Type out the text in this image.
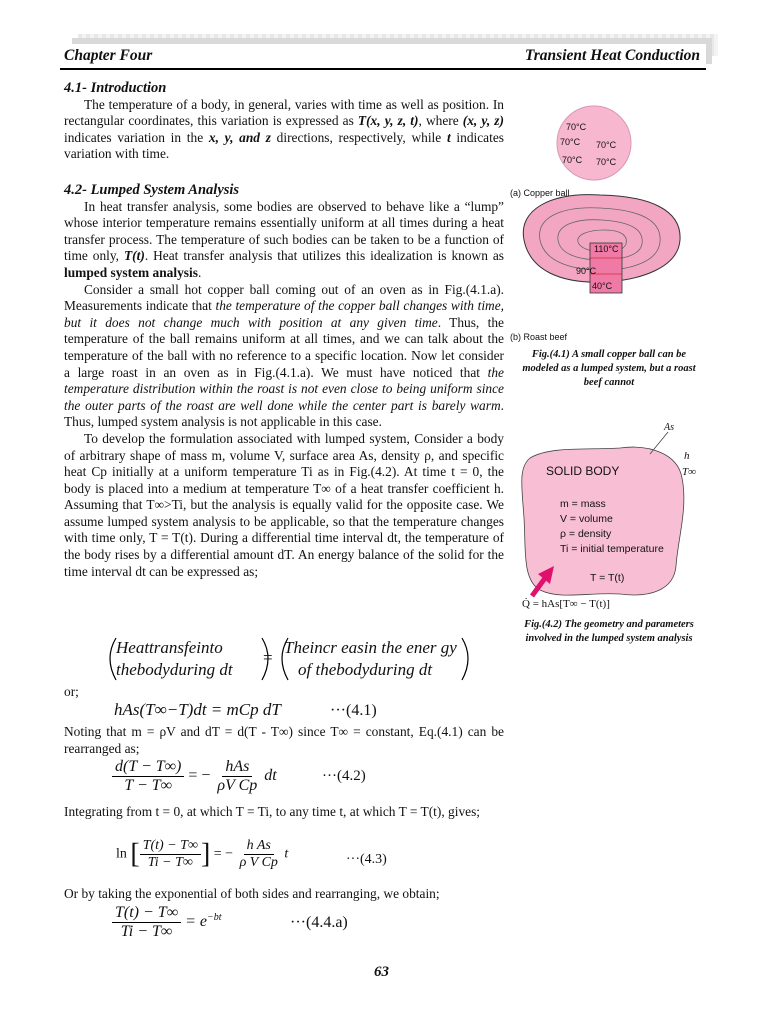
Chapter Four	Transient Heat Conduction
4.1- Introduction

The temperature of a body, in general, varies with time as well as position. In rectangular coordinates, this variation is expressed as T(x, y, z, t), where (x, y, z) indicates variation in the x, y, and z directions, respectively, while t indicates variation with time.

4.2- Lumped System Analysis

In heat transfer analysis, some bodies are observed to behave like a “lump” whose interior temperature remains essentially uniform at all times during a heat transfer process. The temperature of such bodies can be taken to be a function of time only, T(t). Heat transfer analysis that utilizes this idealization is known as lumped system analysis.

Consider a small hot copper ball coming out of an oven as in Fig.(4.1.a). Measurements indicate that the temperature of the copper ball changes with time, but it does not change much with position at any given time. Thus, the temperature of the ball remains uniform at all times, and we can talk about the temperature of the ball with no reference to a specific location. Now let consider a large roast in an oven as in Fig.(4.1.a). We must have noticed that the temperature distribution within the roast is not even close to being uniform since the outer parts of the roast are well done while the center part is barely warm. Thus, lumped system analysis is not applicable in this case.

To develop the formulation associated with lumped system, Consider a body of arbitrary shape of mass m, volume V, surface area As, density ρ, and specific heat Cp initially at a uniform temperature Ti as in Fig.(4.2). At time t = 0, the body is placed into a medium at temperature T∞ of a heat transfer coefficient h. Assuming that T∞>Ti, but the analysis is equally valid for the opposite case. We assume lumped system analysis to be applicable, so that the temperature changes with time only, T = T(t). During a differential time interval dt, the temperature of the body rises by a differential amount dT. An energy balance of the solid for the time interval dt can be expressed as;

Heattransfeinto
thebodyduring dt
=
Theincr easin the ener gy
of thebodyduring dt
or;
hAs(T∞−T)dt = mCp dT	···(4.1)
Noting that m = ρV and dT = d(T - T∞) since T∞ = constant, Eq.(4.1) can be rearranged as;
$\frac{d(T - T\infty)}{T - T\infty}$ = − $\frac{\text{hAs}}{\text{ρV Cp}}$ dt	···(4.2)
Integrating from t = 0, at which T = Ti, to any time t, at which T = T(t), gives;
ln [ $\frac{T(t) - T\infty}{Ti - T\infty}$ ] = − $\frac{\text{h As}}{\text{ρ V Cp}}$ t	···(4.3)
Or by taking the exponential of both sides and rearranging, we obtain;
$\frac{T(t) - T\infty}{Ti - T\infty} = e^{-bt}$	···(4.4.a)
63
70°C
70°C 70°C
70°C 70°C
(a) Copper ball
110°C
90°C
40°C
(b) Roast beef
Fig.(4.1) A small copper ball can be modeled as a lumped system, but a roast beef cannot
As
h
T∞
SOLID BODY
m = mass
V = volume
ρ = density
Ti = initial temperature
T = T(t)
Q̇ = hAs[T∞ − T(t)]
Fig.(4.2) The geometry and parameters involved in the lumped system analysis
